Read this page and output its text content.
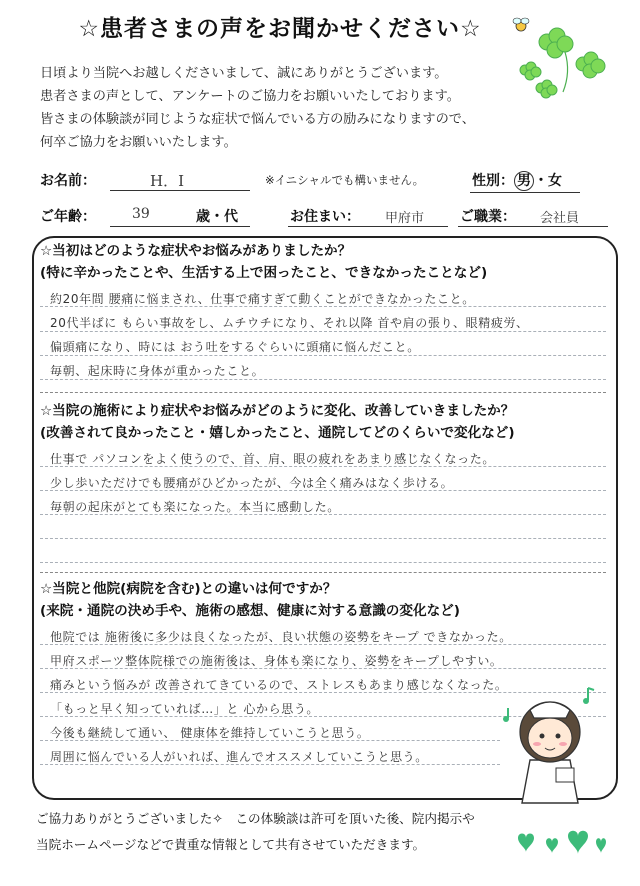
☆患者さまの声をお聞かせください☆
日頃より当院へお越しくださいまして、誠にありがとうございます。
患者さまの声として、アンケートのご協力をお願いいたしております。
皆さまの体験談が同じような症状で悩んでいる方の励みになりますので、
何卒ご協力をお願いいたします。
お名前：	H．I	※イニシャルでも構いません。	性別： 男 ・女
ご年齢：	39	歳・代	お住まい： 甲府市	ご職業： 会社員
☆当初はどのような症状やお悩みがありましたか？
(特に辛かったことや、生活する上で困ったこと、できなかったことなど)
約20年間 腰痛に悩まされ、仕事で痛すぎて動くことができなかったこと。
20代半ばに もらい事故をし、ムチウチになり、それ以降 首や肩の張り、眼精疲労、
偏頭痛になり、時には おう吐をするぐらいに頭痛に悩んだこと。
毎朝、起床時に身体が重かったこと。
☆当院の施術により症状やお悩みがどのように変化、改善していきましたか？
(改善されて良かったこと・嬉しかったこと、通院してどのくらいで変化など)
仕事で パソコンをよく使うので、首、肩、眼の疲れをあまり感じなくなった。
少し歩いただけでも腰痛がひどかったが、今は全く痛みはなく歩ける。
毎朝の起床がとても楽になった。本当に感動した。
☆当院と他院(病院を含む)との違いは何ですか？
(来院・通院の決め手や、施術の感想、健康に対する意識の変化など)
他院では 施術後に多少は良くなったが、良い状態の姿勢をキープ できなかった。
甲府スポーツ整体院様での施術後は、身体も楽になり、姿勢をキープしやすい。
痛みという悩みが 改善されてきているので、ストレスもあまり感じなくなった。
「もっと早く知っていれば…」と 心から思う。
今後も継続して通い、 健康体を維持していこうと思う。
周囲に悩んでいる人がいれば、進んでオススメしていこうと思う。
ご協力ありがとうございました✧　この体験談は許可を頂いた後、院内掲示や
当院ホームページなどで貴重な情報として共有させていただきます。
